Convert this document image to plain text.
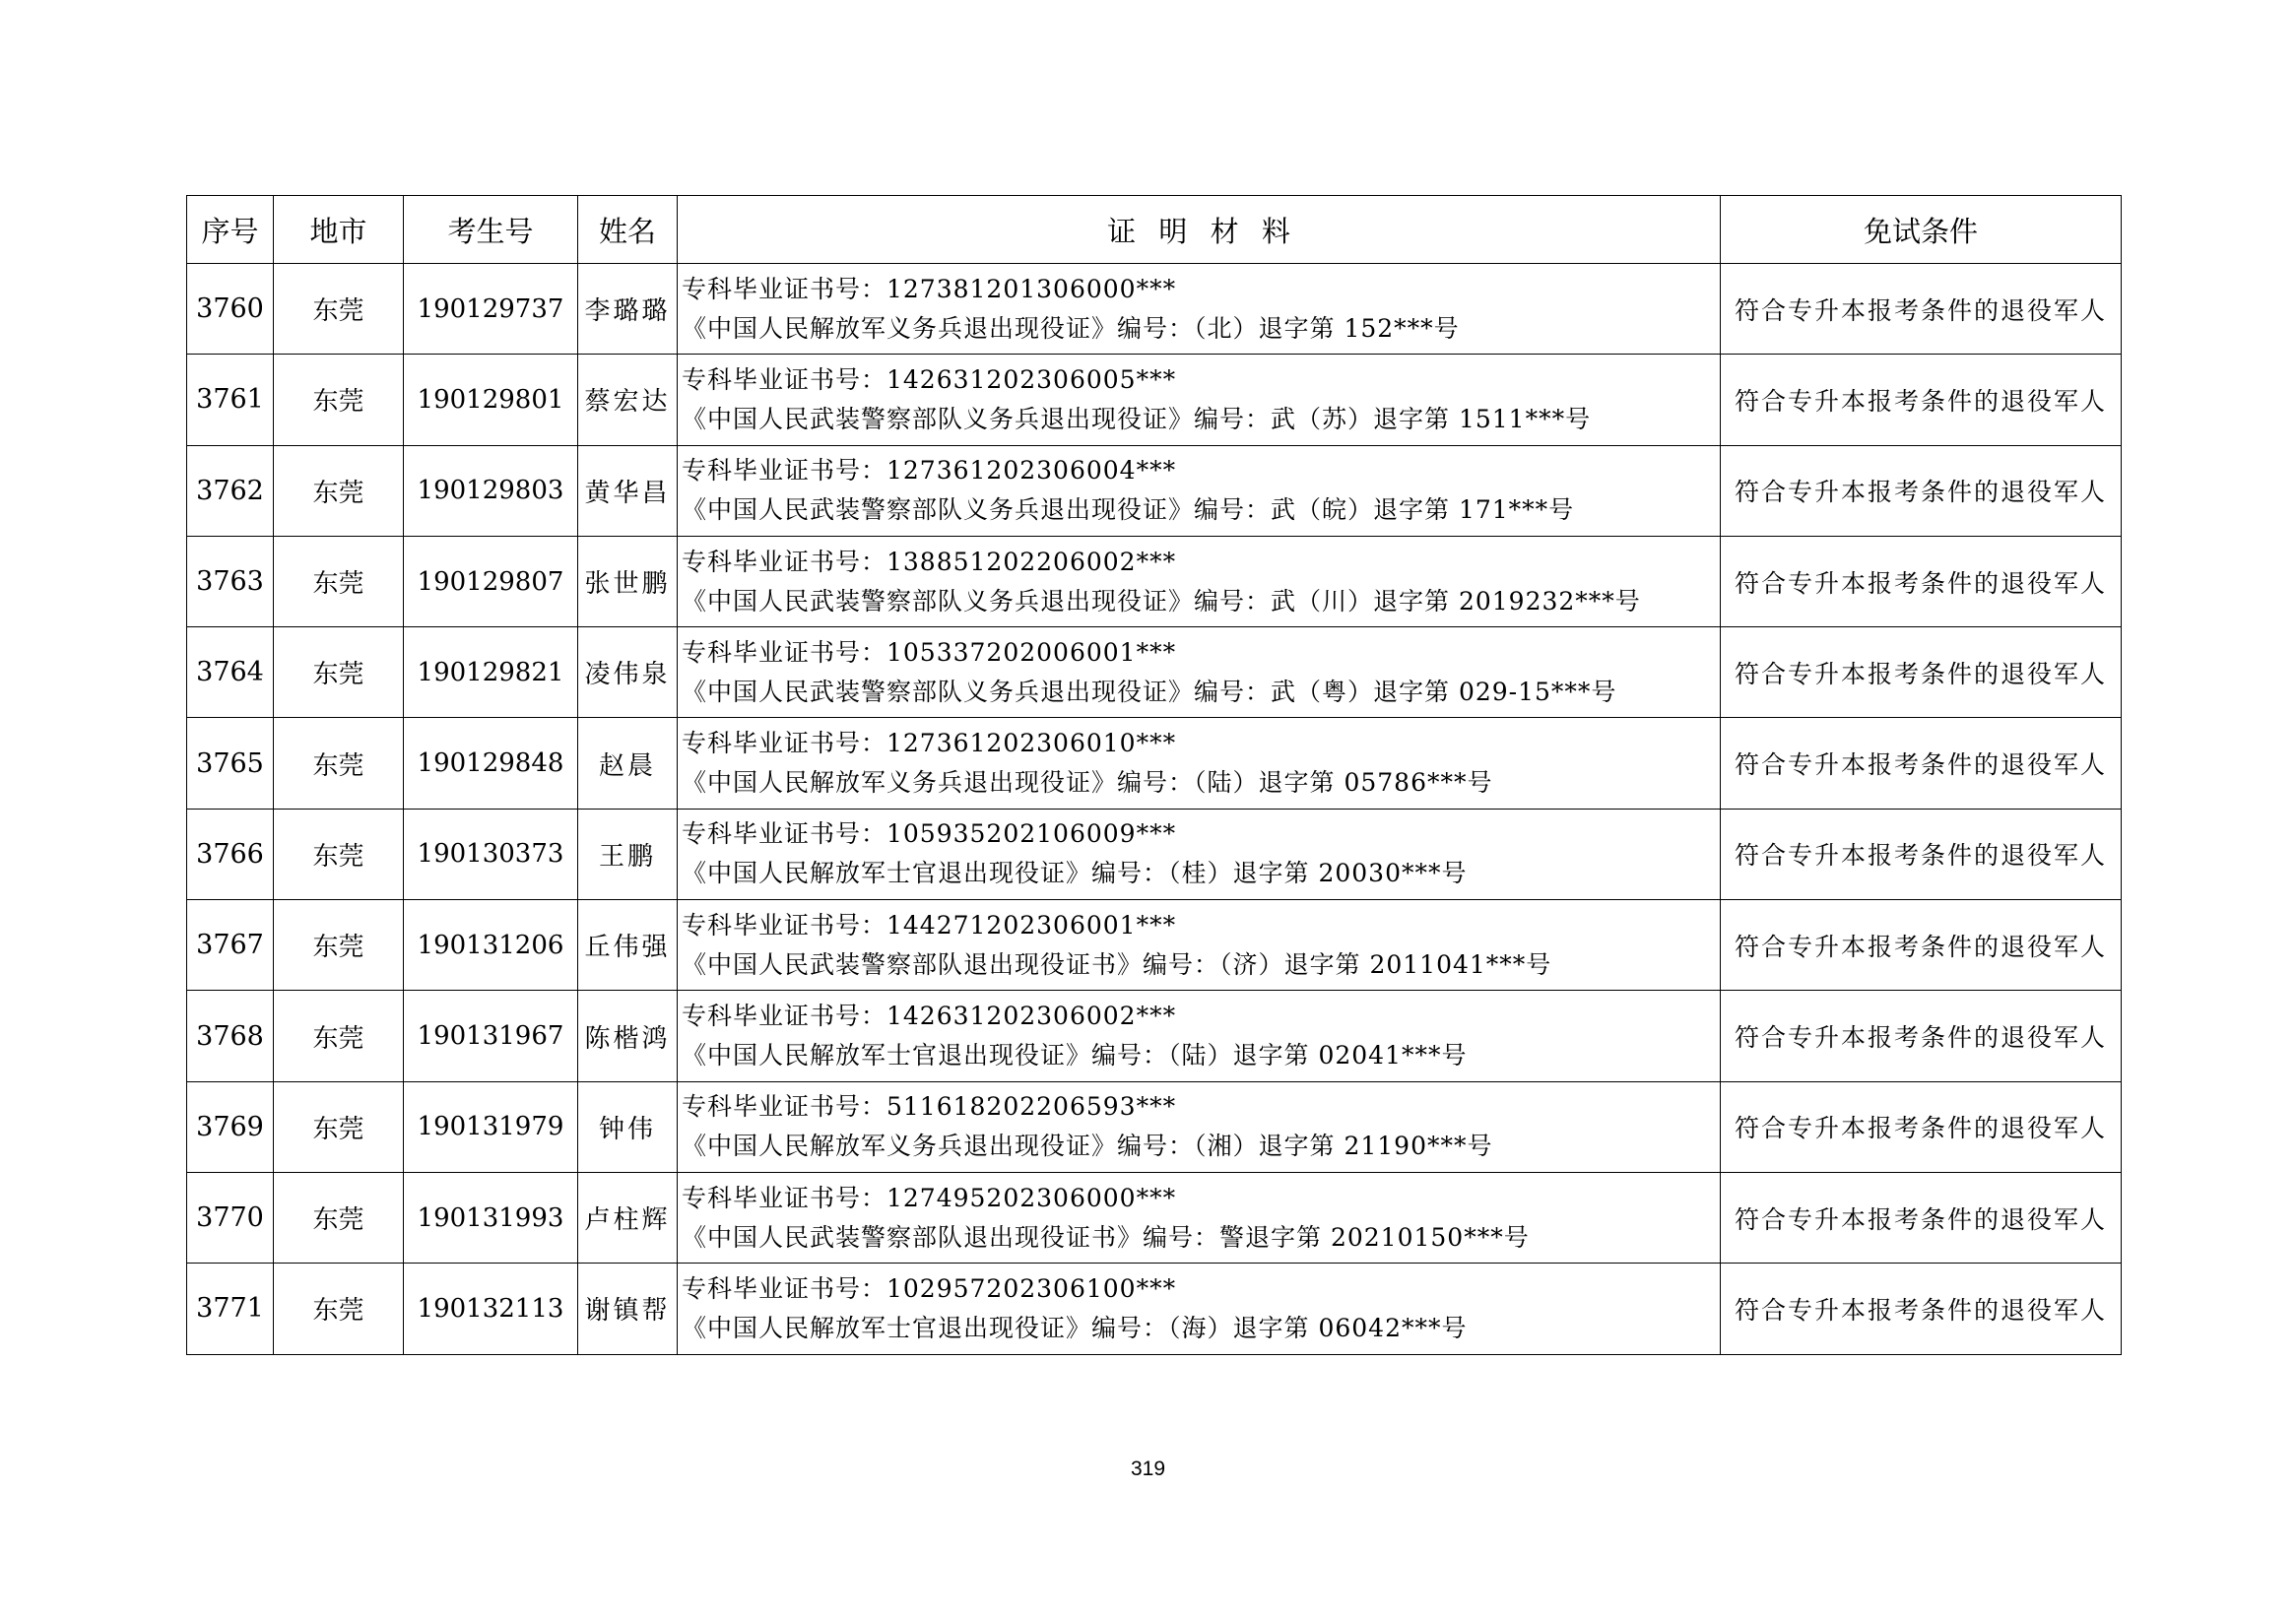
序号	地市	考生号	姓名	证 明 材 料	免试条件
3760	东莞	190129737	李璐璐	专科毕业证书号：127381201306000***
《中国人民解放军义务兵退出现役证》编号：（北）退字第 152***号	符合专升本报考条件的退役军人
3761	东莞	190129801	蔡宏达	专科毕业证书号：142631202306005***
《中国人民武装警察部队义务兵退出现役证》编号：武（苏）退字第 1511***号	符合专升本报考条件的退役军人
3762	东莞	190129803	黄华昌	专科毕业证书号：127361202306004***
《中国人民武装警察部队义务兵退出现役证》编号：武（皖）退字第 171***号	符合专升本报考条件的退役军人
3763	东莞	190129807	张世鹏	专科毕业证书号：138851202206002***
《中国人民武装警察部队义务兵退出现役证》编号：武（川）退字第 2019232***号	符合专升本报考条件的退役军人
3764	东莞	190129821	凌伟泉	专科毕业证书号：105337202006001***
《中国人民武装警察部队义务兵退出现役证》编号：武（粤）退字第 029-15***号	符合专升本报考条件的退役军人
3765	东莞	190129848	赵晨	专科毕业证书号：127361202306010***
《中国人民解放军义务兵退出现役证》编号：（陆）退字第 05786***号	符合专升本报考条件的退役军人
3766	东莞	190130373	王鹏	专科毕业证书号：105935202106009***
《中国人民解放军士官退出现役证》编号：（桂）退字第 20030***号	符合专升本报考条件的退役军人
3767	东莞	190131206	丘伟强	专科毕业证书号：144271202306001***
《中国人民武装警察部队退出现役证书》编号：（济）退字第 2011041***号	符合专升本报考条件的退役军人
3768	东莞	190131967	陈楷鸿	专科毕业证书号：142631202306002***
《中国人民解放军士官退出现役证》编号：（陆）退字第 02041***号	符合专升本报考条件的退役军人
3769	东莞	190131979	钟伟	专科毕业证书号：511618202206593***
《中国人民解放军义务兵退出现役证》编号：（湘）退字第 21190***号	符合专升本报考条件的退役军人
3770	东莞	190131993	卢柱辉	专科毕业证书号：127495202306000***
《中国人民武装警察部队退出现役证书》编号：警退字第 20210150***号	符合专升本报考条件的退役军人
3771	东莞	190132113	谢镇帮	专科毕业证书号：102957202306100***
《中国人民解放军士官退出现役证》编号：（海）退字第 06042***号	符合专升本报考条件的退役军人
319
